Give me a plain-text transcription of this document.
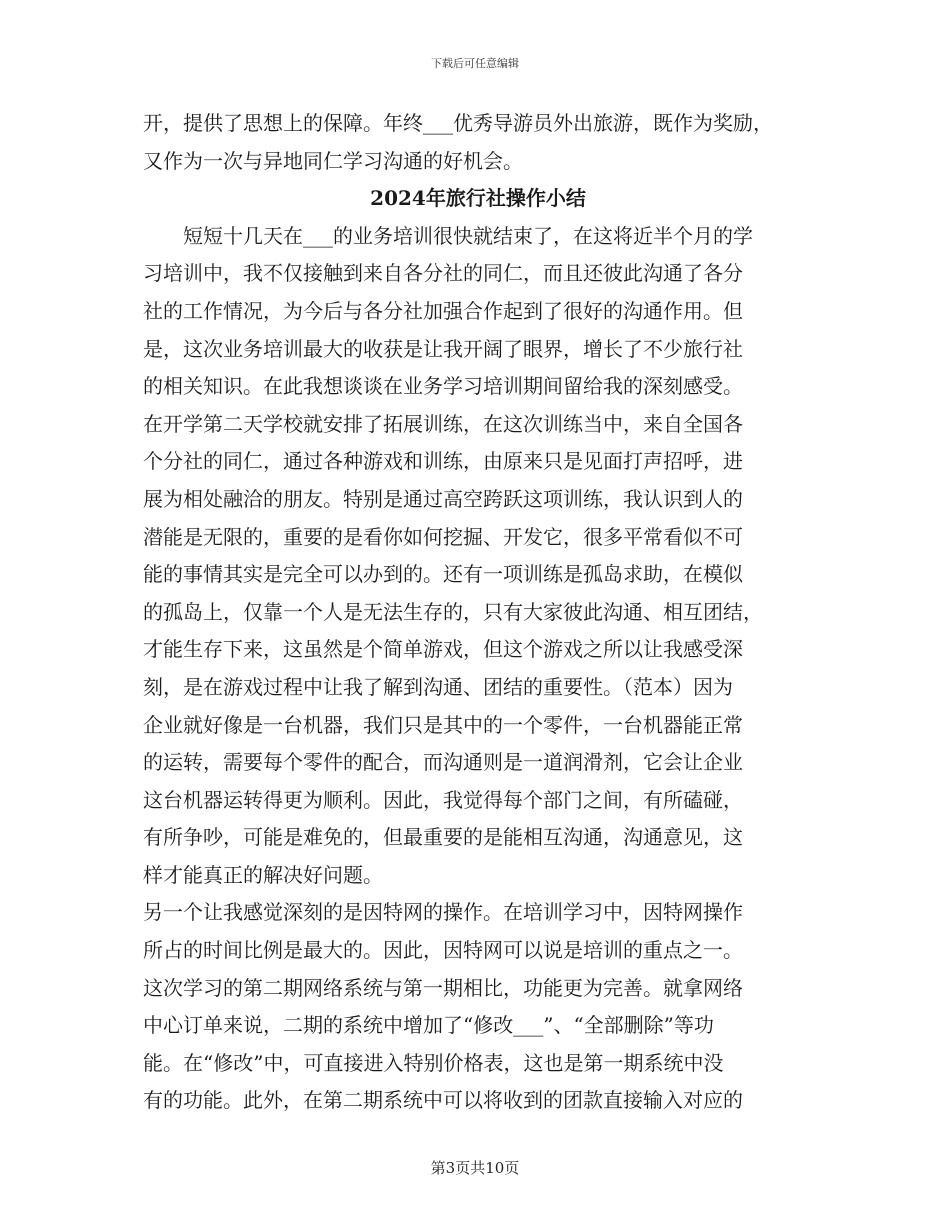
下载后可任意编辑
开，提供了思想上的保障。年终___优秀导游员外出旅游，既作为奖励，
又作为一次与异地同仁学习沟通的好机会。
2024年旅行社操作小结
短短十几天在___的业务培训很快就结束了，在这将近半个月的学
习培训中，我不仅接触到来自各分社的同仁，而且还彼此沟通了各分
社的工作情况，为今后与各分社加强合作起到了很好的沟通作用。但
是，这次业务培训最大的收获是让我开阔了眼界，增长了不少旅行社
的相关知识。在此我想谈谈在业务学习培训期间留给我的深刻感受。
在开学第二天学校就安排了拓展训练，在这次训练当中，来自全国各
个分社的同仁，通过各种游戏和训练，由原来只是见面打声招呼，进
展为相处融洽的朋友。特别是通过高空跨跃这项训练，我认识到人的
潜能是无限的，重要的是看你如何挖掘、开发它，很多平常看似不可
能的事情其实是完全可以办到的。还有一项训练是孤岛求助，在模似
的孤岛上，仅靠一个人是无法生存的，只有大家彼此沟通、相互团结，
才能生存下来，这虽然是个简单游戏，但这个游戏之所以让我感受深
刻，是在游戏过程中让我了解到沟通、团结的重要性。（范本）因为
企业就好像是一台机器，我们只是其中的一个零件，一台机器能正常
的运转，需要每个零件的配合，而沟通则是一道润滑剂，它会让企业
这台机器运转得更为顺利。因此，我觉得每个部门之间，有所磕碰，
有所争吵，可能是难免的，但最重要的是能相互沟通，沟通意见，这
样才能真正的解决好问题。
另一个让我感觉深刻的是因特网的操作。在培训学习中，因特网操作
所占的时间比例是最大的。因此，因特网可以说是培训的重点之一。
这次学习的第二期网络系统与第一期相比，功能更为完善。就拿网络
中心订单来说，二期的系统中增加了“修改___”、“全部删除”等功
能。在“修改”中，可直接进入特别价格表，这也是第一期系统中没
有的功能。此外，在第二期系统中可以将收到的团款直接输入对应的
第3页共10页
